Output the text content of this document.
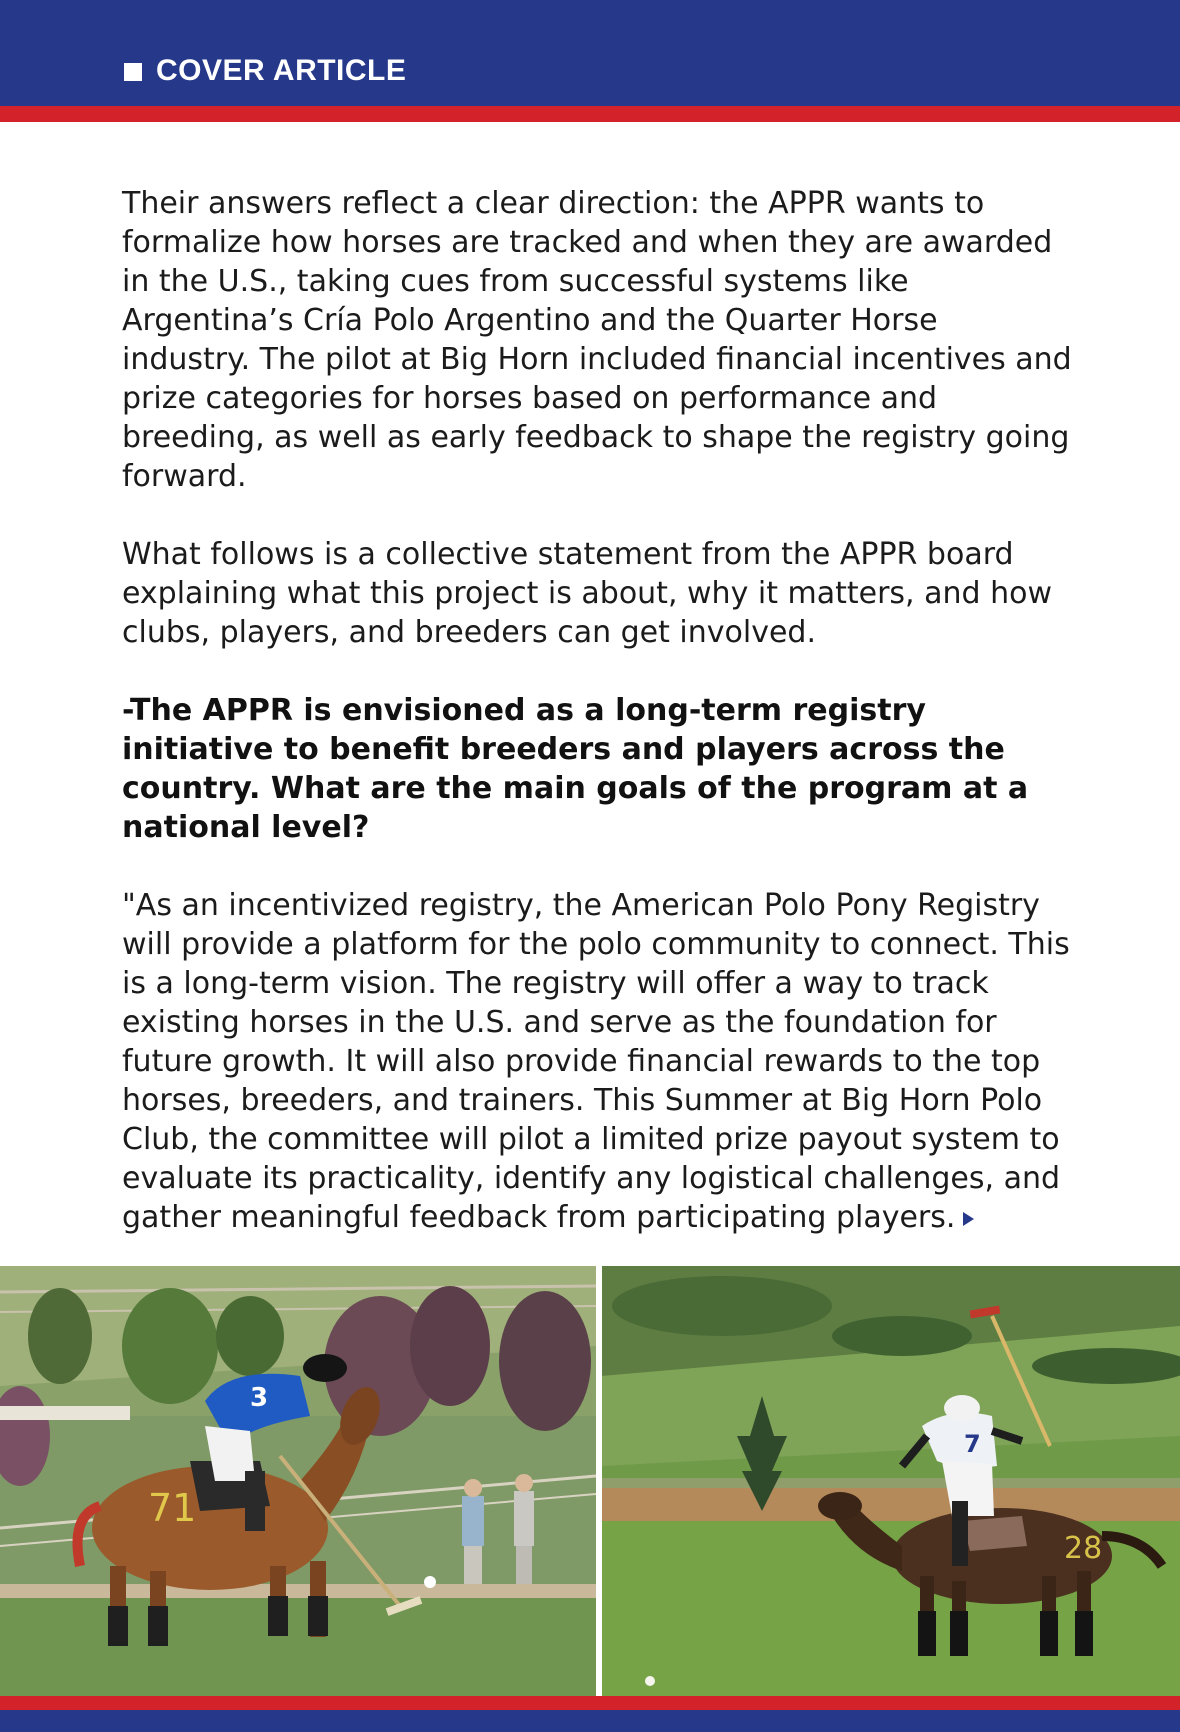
COVER ARTICLE

Their answers reflect a clear direction: the APPR wants to formalize how horses are tracked and when they are awarded in the U.S., taking cues from successful systems like Argentina’s Cría Polo Argentino and the Quarter Horse industry. The pilot at Big Horn included financial incentives and prize categories for horses based on performance and breeding, as well as early feedback to shape the registry going forward.

What follows is a collective statement from the APPR board explaining what this project is about, why it matters, and how clubs, players, and breeders can get involved.

-The APPR is envisioned as a long-term registry initiative to benefit breeders and players across the country. What are the main goals of the program at a national level?

"As an incentivized registry, the American Polo Pony Registry will provide a platform for the polo community to connect. This is a long-term vision. The registry will offer a way to track existing horses in the U.S. and serve as the foundation for future growth. It will also provide financial rewards to the top horses, breeders, and trainers. This Summer at Big Horn Polo Club, the committee will pilot a limited prize payout system to evaluate its practicality, identify any logistical challenges, and gather meaningful feedback from participating players.

71
3
28
7
